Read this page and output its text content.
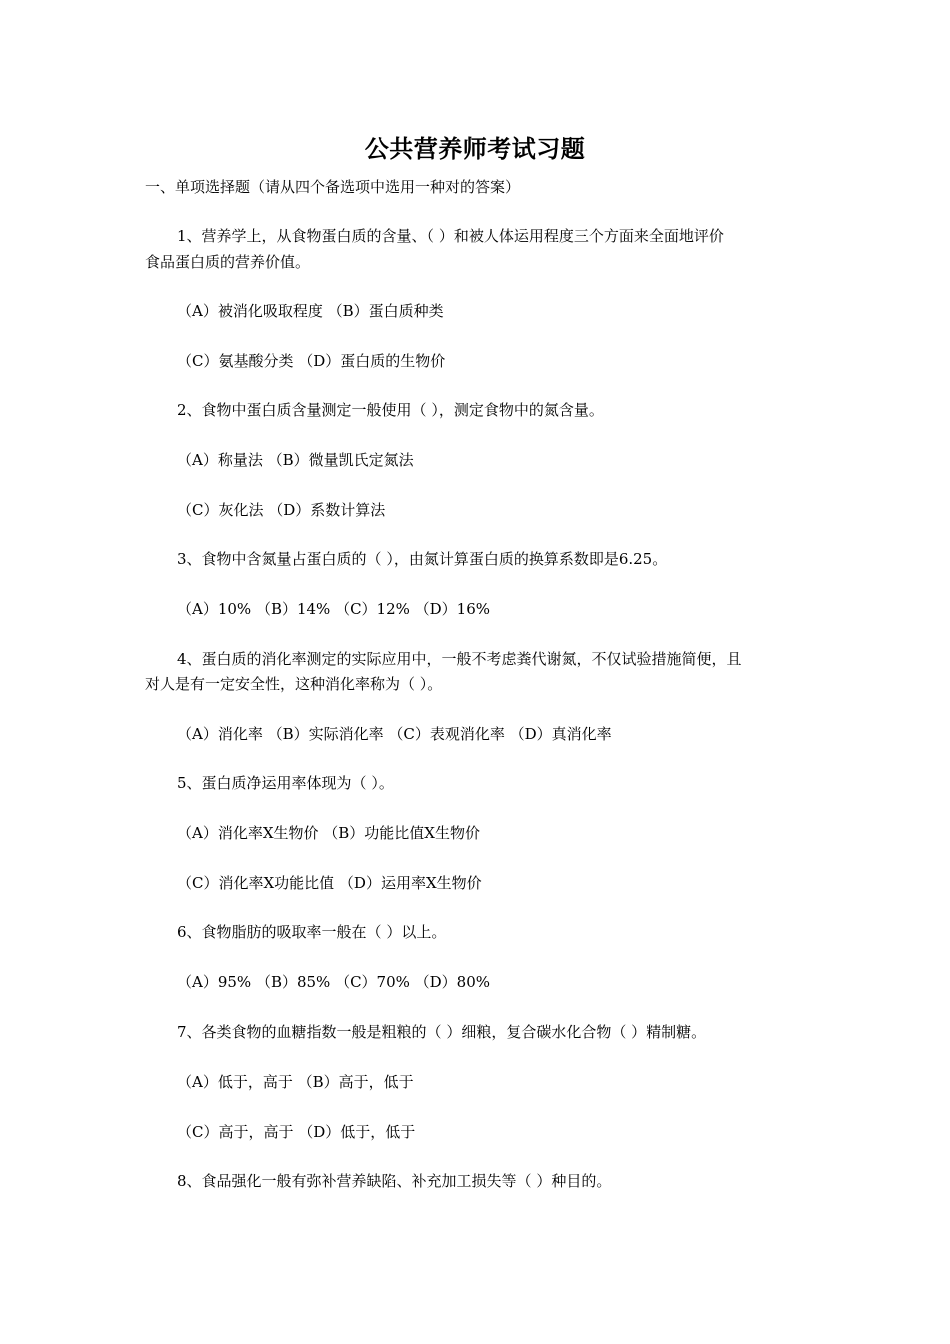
公共营养师考试习题
一、单项选择题（请从四个备选项中选用一种对的答案）
1、营养学上，从食物蛋白质的含量、（ ）和被人体运用程度三个方面来全面地评价
食品蛋白质的营养价值。
（A）被消化吸取程度 （B）蛋白质种类
（C）氨基酸分类 （D）蛋白质的生物价
2、食物中蛋白质含量测定一般使用（ ），测定食物中的氮含量。
（A）称量法 （B）微量凯氏定氮法
（C）灰化法 （D）系数计算法
3、食物中含氮量占蛋白质的（ ），由氮计算蛋白质的换算系数即是6.25。
（A）10% （B）14% （C）12% （D）16%
4、蛋白质的消化率测定的实际应用中，一般不考虑粪代谢氮，不仅试验措施简便，且
对人是有一定安全性，这种消化率称为（ ）。
（A）消化率 （B）实际消化率 （C）表观消化率 （D）真消化率
5、蛋白质净运用率体现为（ ）。
（A）消化率Ⅹ生物价 （B）功能比值Ⅹ生物价
（C）消化率Ⅹ功能比值 （D）运用率Ⅹ生物价
6、食物脂肪的吸取率一般在（ ）以上。
（A）95% （B）85% （C）70% （D）80%
7、各类食物的血糖指数一般是粗粮的（ ）细粮，复合碳水化合物（ ）精制糖。
（A）低于，高于 （B）高于，低于
（C）高于，高于 （D）低于，低于
8、食品强化一般有弥补营养缺陷、补充加工损失等（ ）种目的。
